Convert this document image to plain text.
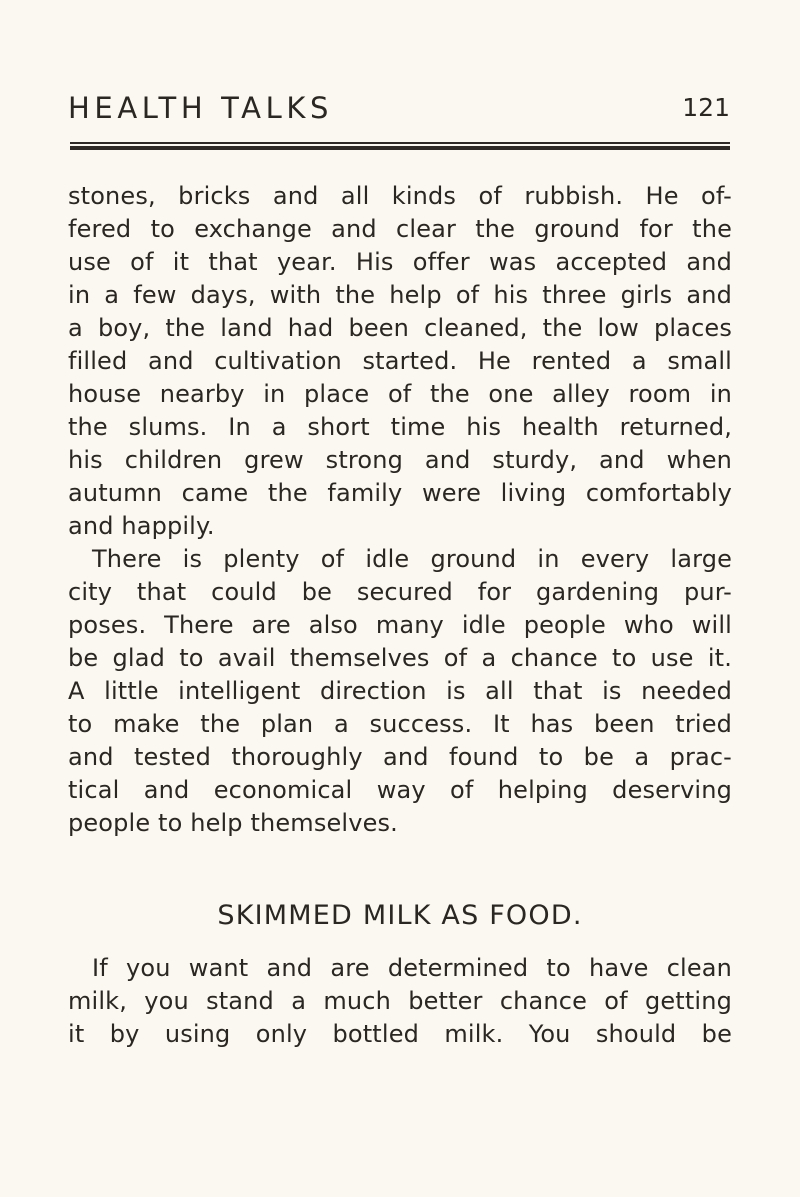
HEALTH TALKS	121
stones, bricks and all kinds of rubbish. He of-
fered to exchange and clear the ground for the
use of it that year. His offer was accepted and
in a few days, with the help of his three girls and
a boy, the land had been cleaned, the low places
filled and cultivation started. He rented a small
house nearby in place of the one alley room in
the slums. In a short time his health returned,
his children grew strong and sturdy, and when
autumn came the family were living comfortably
and happily.
There is plenty of idle ground in every large
city that could be secured for gardening pur-
poses. There are also many idle people who will
be glad to avail themselves of a chance to use it.
A little intelligent direction is all that is needed
to make the plan a success. It has been tried
and tested thoroughly and found to be a prac-
tical and economical way of helping deserving
people to help themselves.
SKIMMED MILK AS FOOD.
If you want and are determined to have clean
milk, you stand a much better chance of getting
it by using only bottled milk. You should be
